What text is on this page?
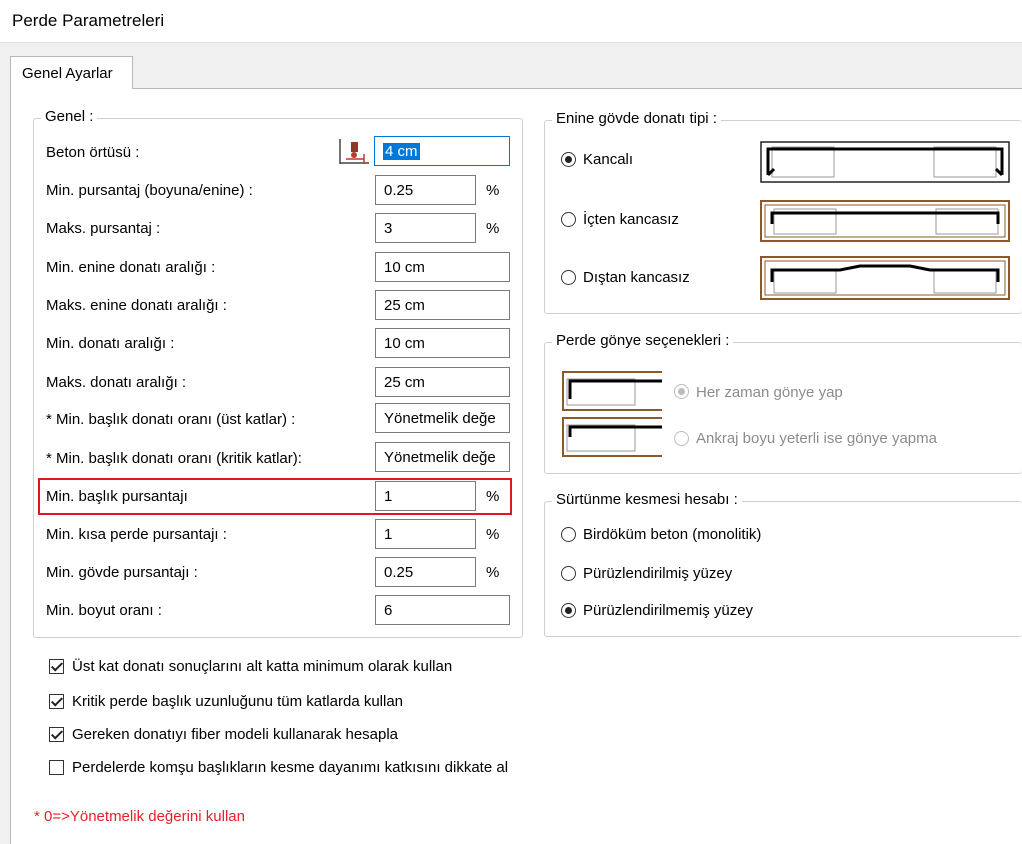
Perde Parametreleri
Genel Ayarlar
Genel :
Beton örtüsü :	4 cm
Min. pursantaj (boyuna/enine) :	0.25	%
Maks. pursantaj :	3	%
Min. enine donatı aralığı :	10 cm
Maks. enine donatı aralığı :	25 cm
Min. donatı aralığı :	10 cm
Maks. donatı aralığı :	25 cm
* Min. başlık donatı oranı (üst katlar) :	Yönetmelik değe
* Min. başlık donatı oranı (kritik katlar):	Yönetmelik değe
Min. başlık pursantajı	1	%
Min. kısa perde pursantajı :	1	%
Min. gövde pursantajı :	0.25	%
Min. boyut oranı :	6
Enine gövde donatı tipi :
Kancalı
İçten kancasız
Dıştan kancasız
Perde gönye seçenekleri :
Her zaman gönye yap
Ankraj boyu yeterli ise gönye yapma
Sürtünme kesmesi hesabı :
Birdöküm beton (monolitik)
Pürüzlendirilmiş yüzey
Pürüzlendirilmemiş yüzey
Üst kat donatı sonuçlarını alt katta minimum olarak kullan
Kritik perde başlık uzunluğunu tüm katlarda kullan
Gereken donatıyı fiber modeli kullanarak hesapla
Perdelerde komşu başlıkların kesme dayanımı katkısını dikkate al
* 0=>Yönetmelik değerini kullan
